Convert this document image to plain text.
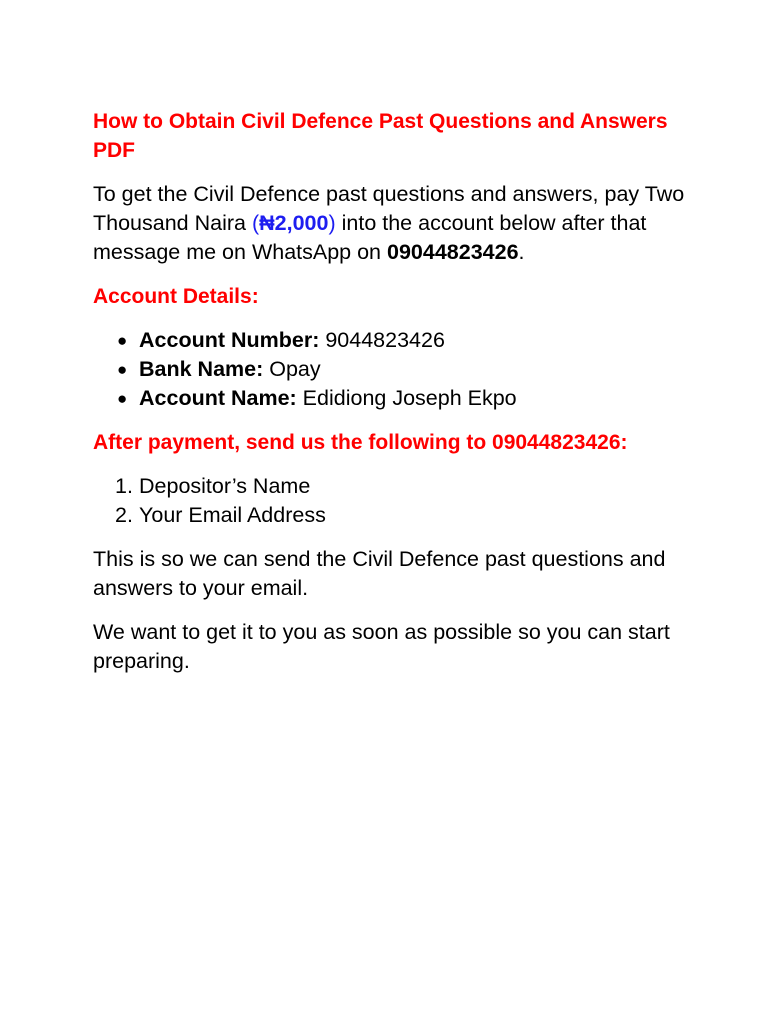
How to Obtain Civil Defence Past Questions and Answers PDF

To get the Civil Defence past questions and answers, pay Two Thousand Naira (₦2,000) into the account below after that message me on WhatsApp on 09044823426.

Account Details:
● Account Number: 9044823426
● Bank Name: Opay
● Account Name: Edidiong Joseph Ekpo
After payment, send us the following to 09044823426:
1. Depositor’s Name
2. Your Email Address

This is so we can send the Civil Defence past questions and answers to your email.

We want to get it to you as soon as possible so you can start preparing.
